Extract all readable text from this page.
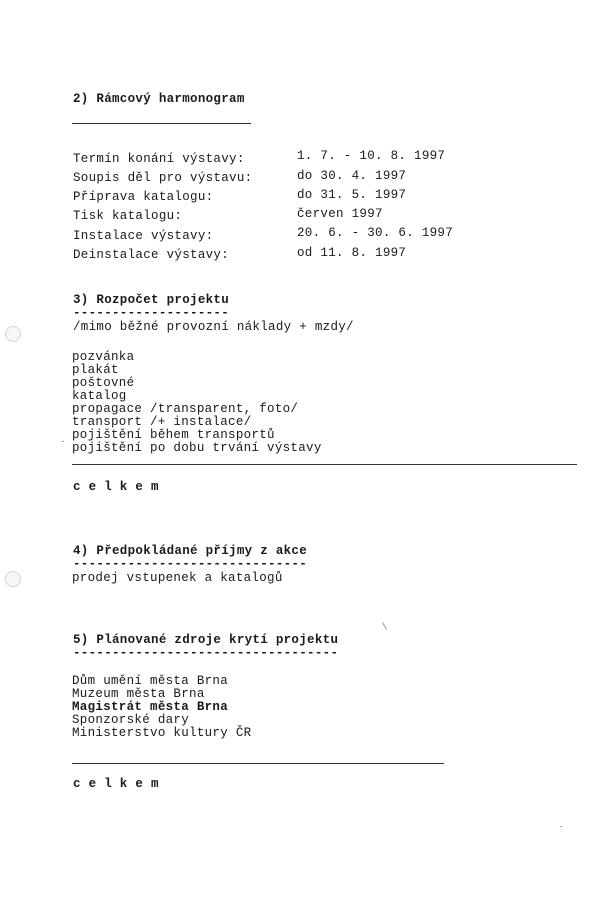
2) Rámcový harmonogram
Termín konání výstavy:	1. 7. - 10. 8. 1997
Soupis děl pro výstavu:	do 30. 4. 1997
Příprava katalogu:	do 31. 5. 1997
Tisk katalogu:	červen 1997
Instalace výstavy:	20. 6. - 30. 6. 1997
Deinstalace výstavy:	od 11. 8. 1997
3) Rozpočet projektu
--------------------
/mimo běžné provozní náklady + mzdy/
pozvánka
plakát
poštovné
katalog
propagace /transparent, foto/
transport /+ instalace/
pojištění během transportů
pojištění po dobu trvání výstavy
c e l k e m
4) Předpokládané příjmy z akce
------------------------------
prodej vstupenek a katalogů
5) Plánované zdroje krytí projektu
----------------------------------
Dům umění města Brna
Muzeum města Brna
Magistrát města Brna
Sponzorské dary
Ministerstvo kultury ČR
c e l k e m
